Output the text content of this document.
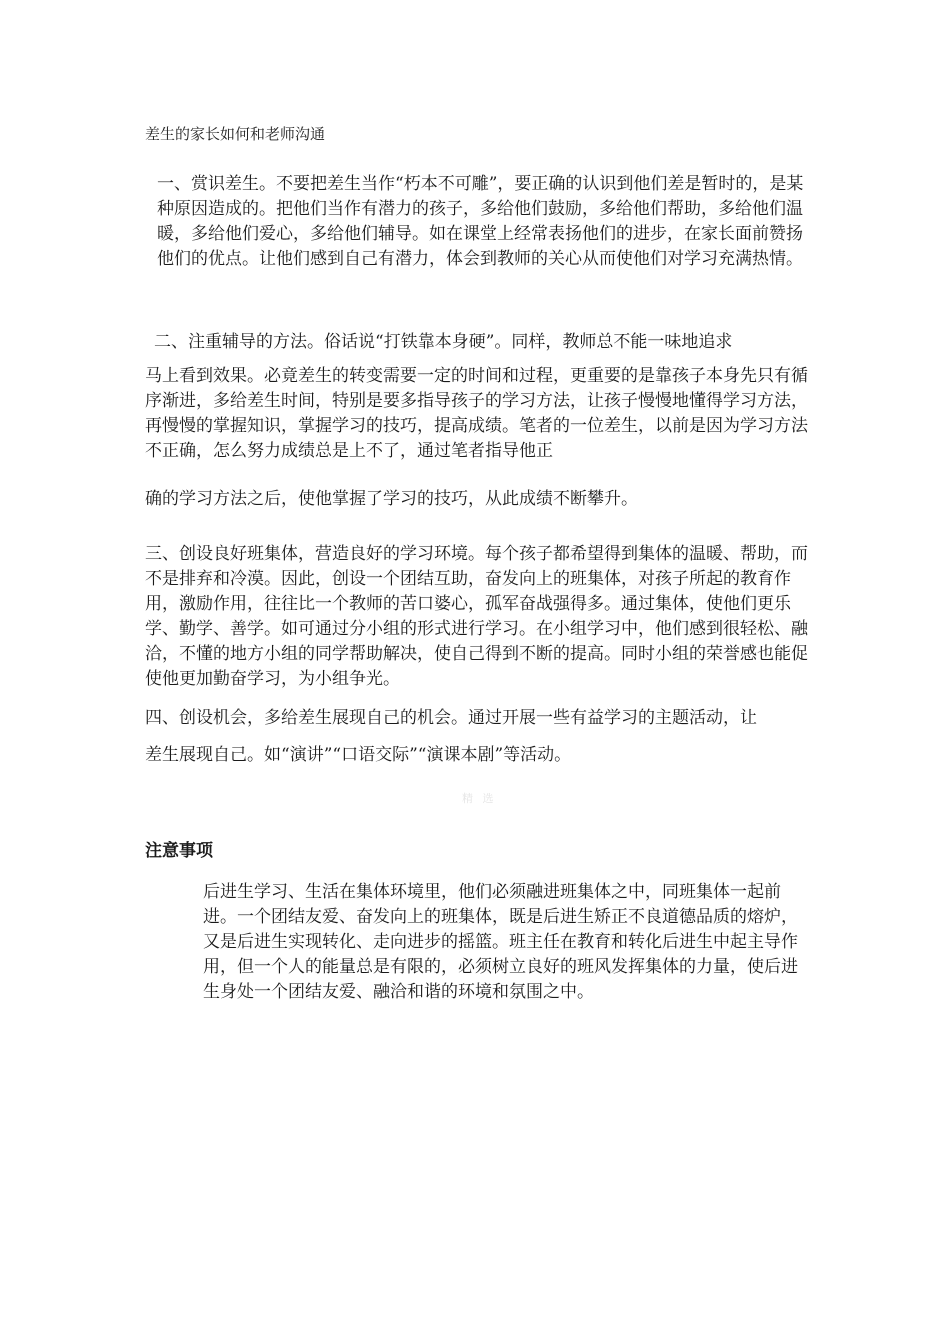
差生的家长如何和老师沟通

一、赏识差生。不要把差生当作“朽本不可雕”，要正确的认识到他们差是暂时的，是某种原因造成的。把他们当作有潜力的孩子，多给他们鼓励，多给他们帮助，多给他们温暖，多给他们爱心，多给他们辅导。如在课堂上经常表扬他们的进步，在家长面前赞扬他们的优点。让他们感到自己有潜力，体会到教师的关心从而使他们对学习充满热情。

二、注重辅导的方法。俗话说“打铁靠本身硬”。同样，教师总不能一味地追求

马上看到效果。必竟差生的转变需要一定的时间和过程，更重要的是靠孩子本身先只有循序渐进，多给差生时间，特别是要多指导孩子的学习方法，让孩子慢慢地懂得学习方法，再慢慢的掌握知识，掌握学习的技巧，提高成绩。笔者的一位差生，以前是因为学习方法不正确，怎么努力成绩总是上不了，通过笔者指导他正

确的学习方法之后，使他掌握了学习的技巧，从此成绩不断攀升。

三、创设良好班集体，营造良好的学习环境。每个孩子都希望得到集体的温暖、帮助，而不是排弃和冷漠。因此，创设一个团结互助，奋发向上的班集体，对孩子所起的教育作用，激励作用，往往比一个教师的苦口婆心，孤军奋战强得多。通过集体，使他们更乐学、勤学、善学。如可通过分小组的形式进行学习。在小组学习中，他们感到很轻松、融洽，不懂的地方小组的同学帮助解决，使自己得到不断的提高。同时小组的荣誉感也能促使他更加勤奋学习，为小组争光。

四、创设机会，多给差生展现自己的机会。通过开展一些有益学习的主题活动，让

差生展现自己。如“演讲”“口语交际”“演课本剧”等活动。

精 选
注意事项

后进生学习、生活在集体环境里，他们必须融进班集体之中，同班集体一起前进。一个团结友爱、奋发向上的班集体，既是后进生矫正不良道德品质的熔炉，又是后进生实现转化、走向进步的摇篮。班主任在教育和转化后进生中起主导作用，但一个人的能量总是有限的，必须树立良好的班风发挥集体的力量，使后进生身处一个团结友爱、融洽和谐的环境和氛围之中。
